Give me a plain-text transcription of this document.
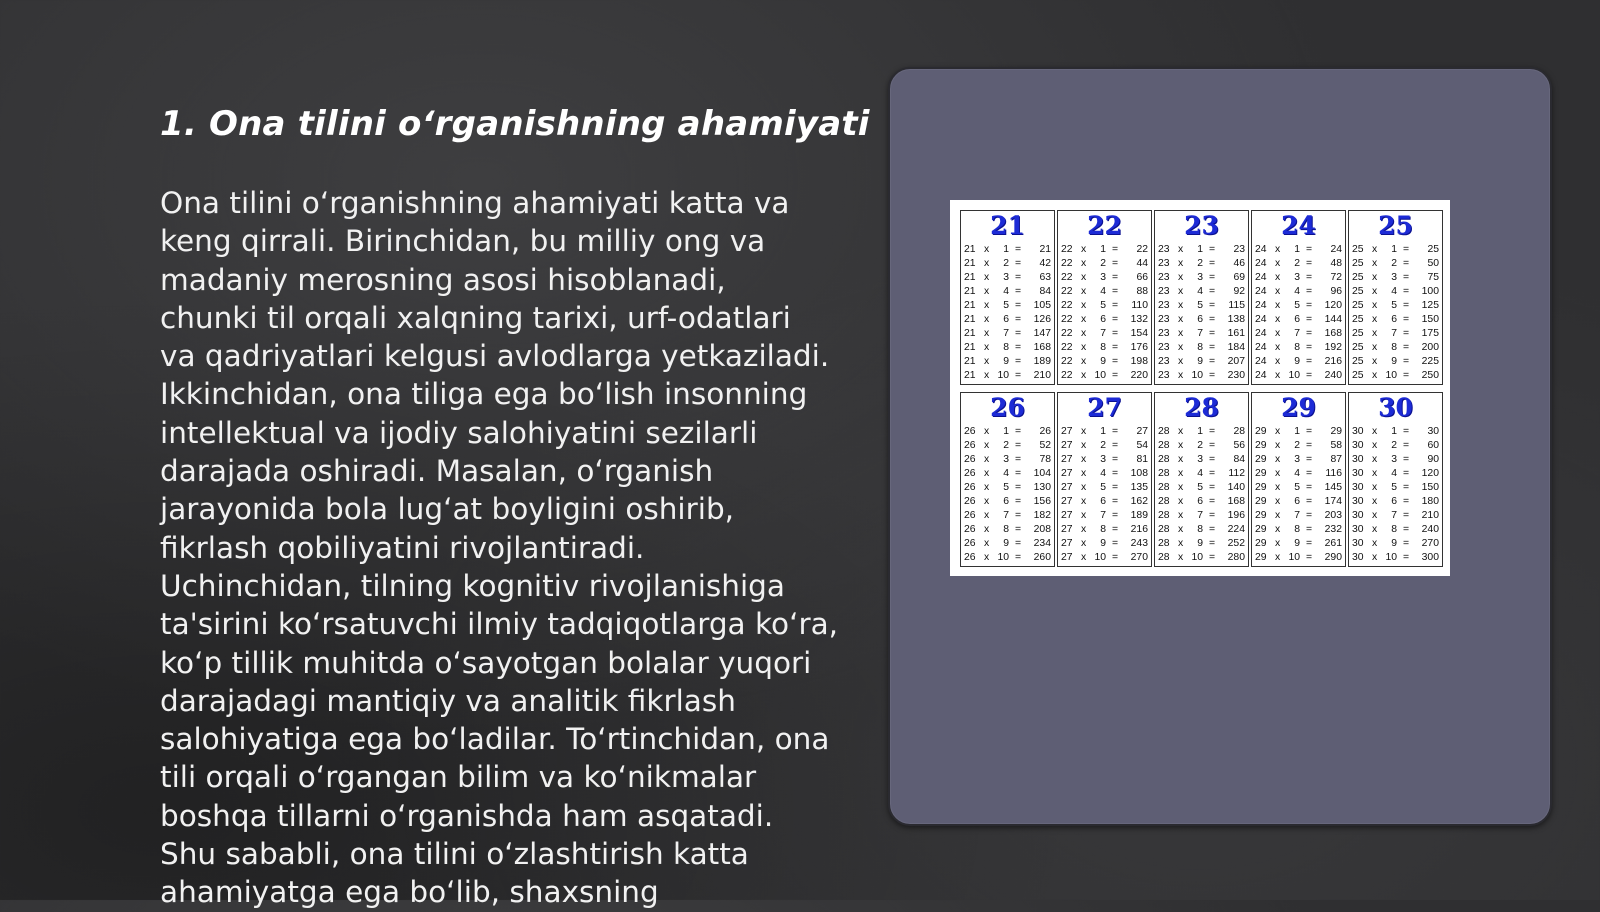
1. Ona tilini o‘rganishning ahamiyati
Ona tilini o‘rganishning ahamiyati katta va
keng qirrali. Birinchidan, bu milliy ong va
madaniy merosning asosi hisoblanadi,
chunki til orqali xalqning tarixi, urf-odatlari
va qadriyatlari kelgusi avlodlarga yetkaziladi.
Ikkinchidan, ona tiliga ega bo‘lish insonning
intellektual va ijodiy salohiyatini sezilarli
darajada oshiradi. Masalan, o‘rganish
jarayonida bola lug‘at boyligini oshirib,
fikrlash qobiliyatini rivojlantiradi.
Uchinchidan, tilning kognitiv rivojlanishiga
ta'sirini ko‘rsatuvchi ilmiy tadqiqotlarga ko‘ra,
ko‘p tillik muhitda o‘sayotgan bolalar yuqori
darajadagi mantiqiy va analitik fikrlash
salohiyatiga ega bo‘ladilar. To‘rtinchidan, ona
tili orqali o‘rgangan bilim va ko‘nikmalar
boshqa tillarni o‘rganishda ham asqatadi.
Shu sababli, ona tilini o‘zlashtirish katta
ahamiyatga ega bo‘lib, shaxsning
21
21 x	1 = 21
21 x	2 = 42
21 x	3 = 63
21 x	4 = 84
21 x	5 = 105
21 x	6 = 126
21 x	7 = 147
21 x	8 = 168
21 x	9 = 189
21 x 10 = 210
22
22 x	1 = 22
22 x	2 = 44
22 x	3 = 66
22 x	4 = 88
22 x	5 = 110
22 x	6 = 132
22 x	7 = 154
22 x	8 = 176
22 x	9 = 198
22 x 10 = 220
23
23 x	1 = 23
23 x	2 = 46
23 x	3 = 69
23 x	4 = 92
23 x	5 = 115
23 x	6 = 138
23 x	7 = 161
23 x	8 = 184
23 x	9 = 207
23 x 10 = 230
24
24 x	1 = 24
24 x	2 = 48
24 x	3 = 72
24 x	4 = 96
24 x	5 = 120
24 x	6 = 144
24 x	7 = 168
24 x	8 = 192
24 x	9 = 216
24 x 10 = 240
25
25 x	1 = 25
25 x	2 = 50
25 x	3 = 75
25 x	4 = 100
25 x	5 = 125
25 x	6 = 150
25 x	7 = 175
25 x	8 = 200
25 x	9 = 225
25 x 10 = 250
26
26 x	1 = 26
26 x	2 = 52
26 x	3 = 78
26 x	4 = 104
26 x	5 = 130
26 x	6 = 156
26 x	7 = 182
26 x	8 = 208
26 x	9 = 234
26 x 10 = 260
27
27 x	1 = 27
27 x	2 = 54
27 x	3 = 81
27 x	4 = 108
27 x	5 = 135
27 x	6 = 162
27 x	7 = 189
27 x	8 = 216
27 x	9 = 243
27 x 10 = 270
28
28 x	1 = 28
28 x	2 = 56
28 x	3 = 84
28 x	4 = 112
28 x	5 = 140
28 x	6 = 168
28 x	7 = 196
28 x	8 = 224
28 x	9 = 252
28 x 10 = 280
29
29 x	1 = 29
29 x	2 = 58
29 x	3 = 87
29 x	4 = 116
29 x	5 = 145
29 x	6 = 174
29 x	7 = 203
29 x	8 = 232
29 x	9 = 261
29 x 10 = 290
30
30 x	1 = 30
30 x	2 = 60
30 x	3 = 90
30 x	4 = 120
30 x	5 = 150
30 x	6 = 180
30 x	7 = 210
30 x	8 = 240
30 x	9 = 270
30 x 10 = 300
